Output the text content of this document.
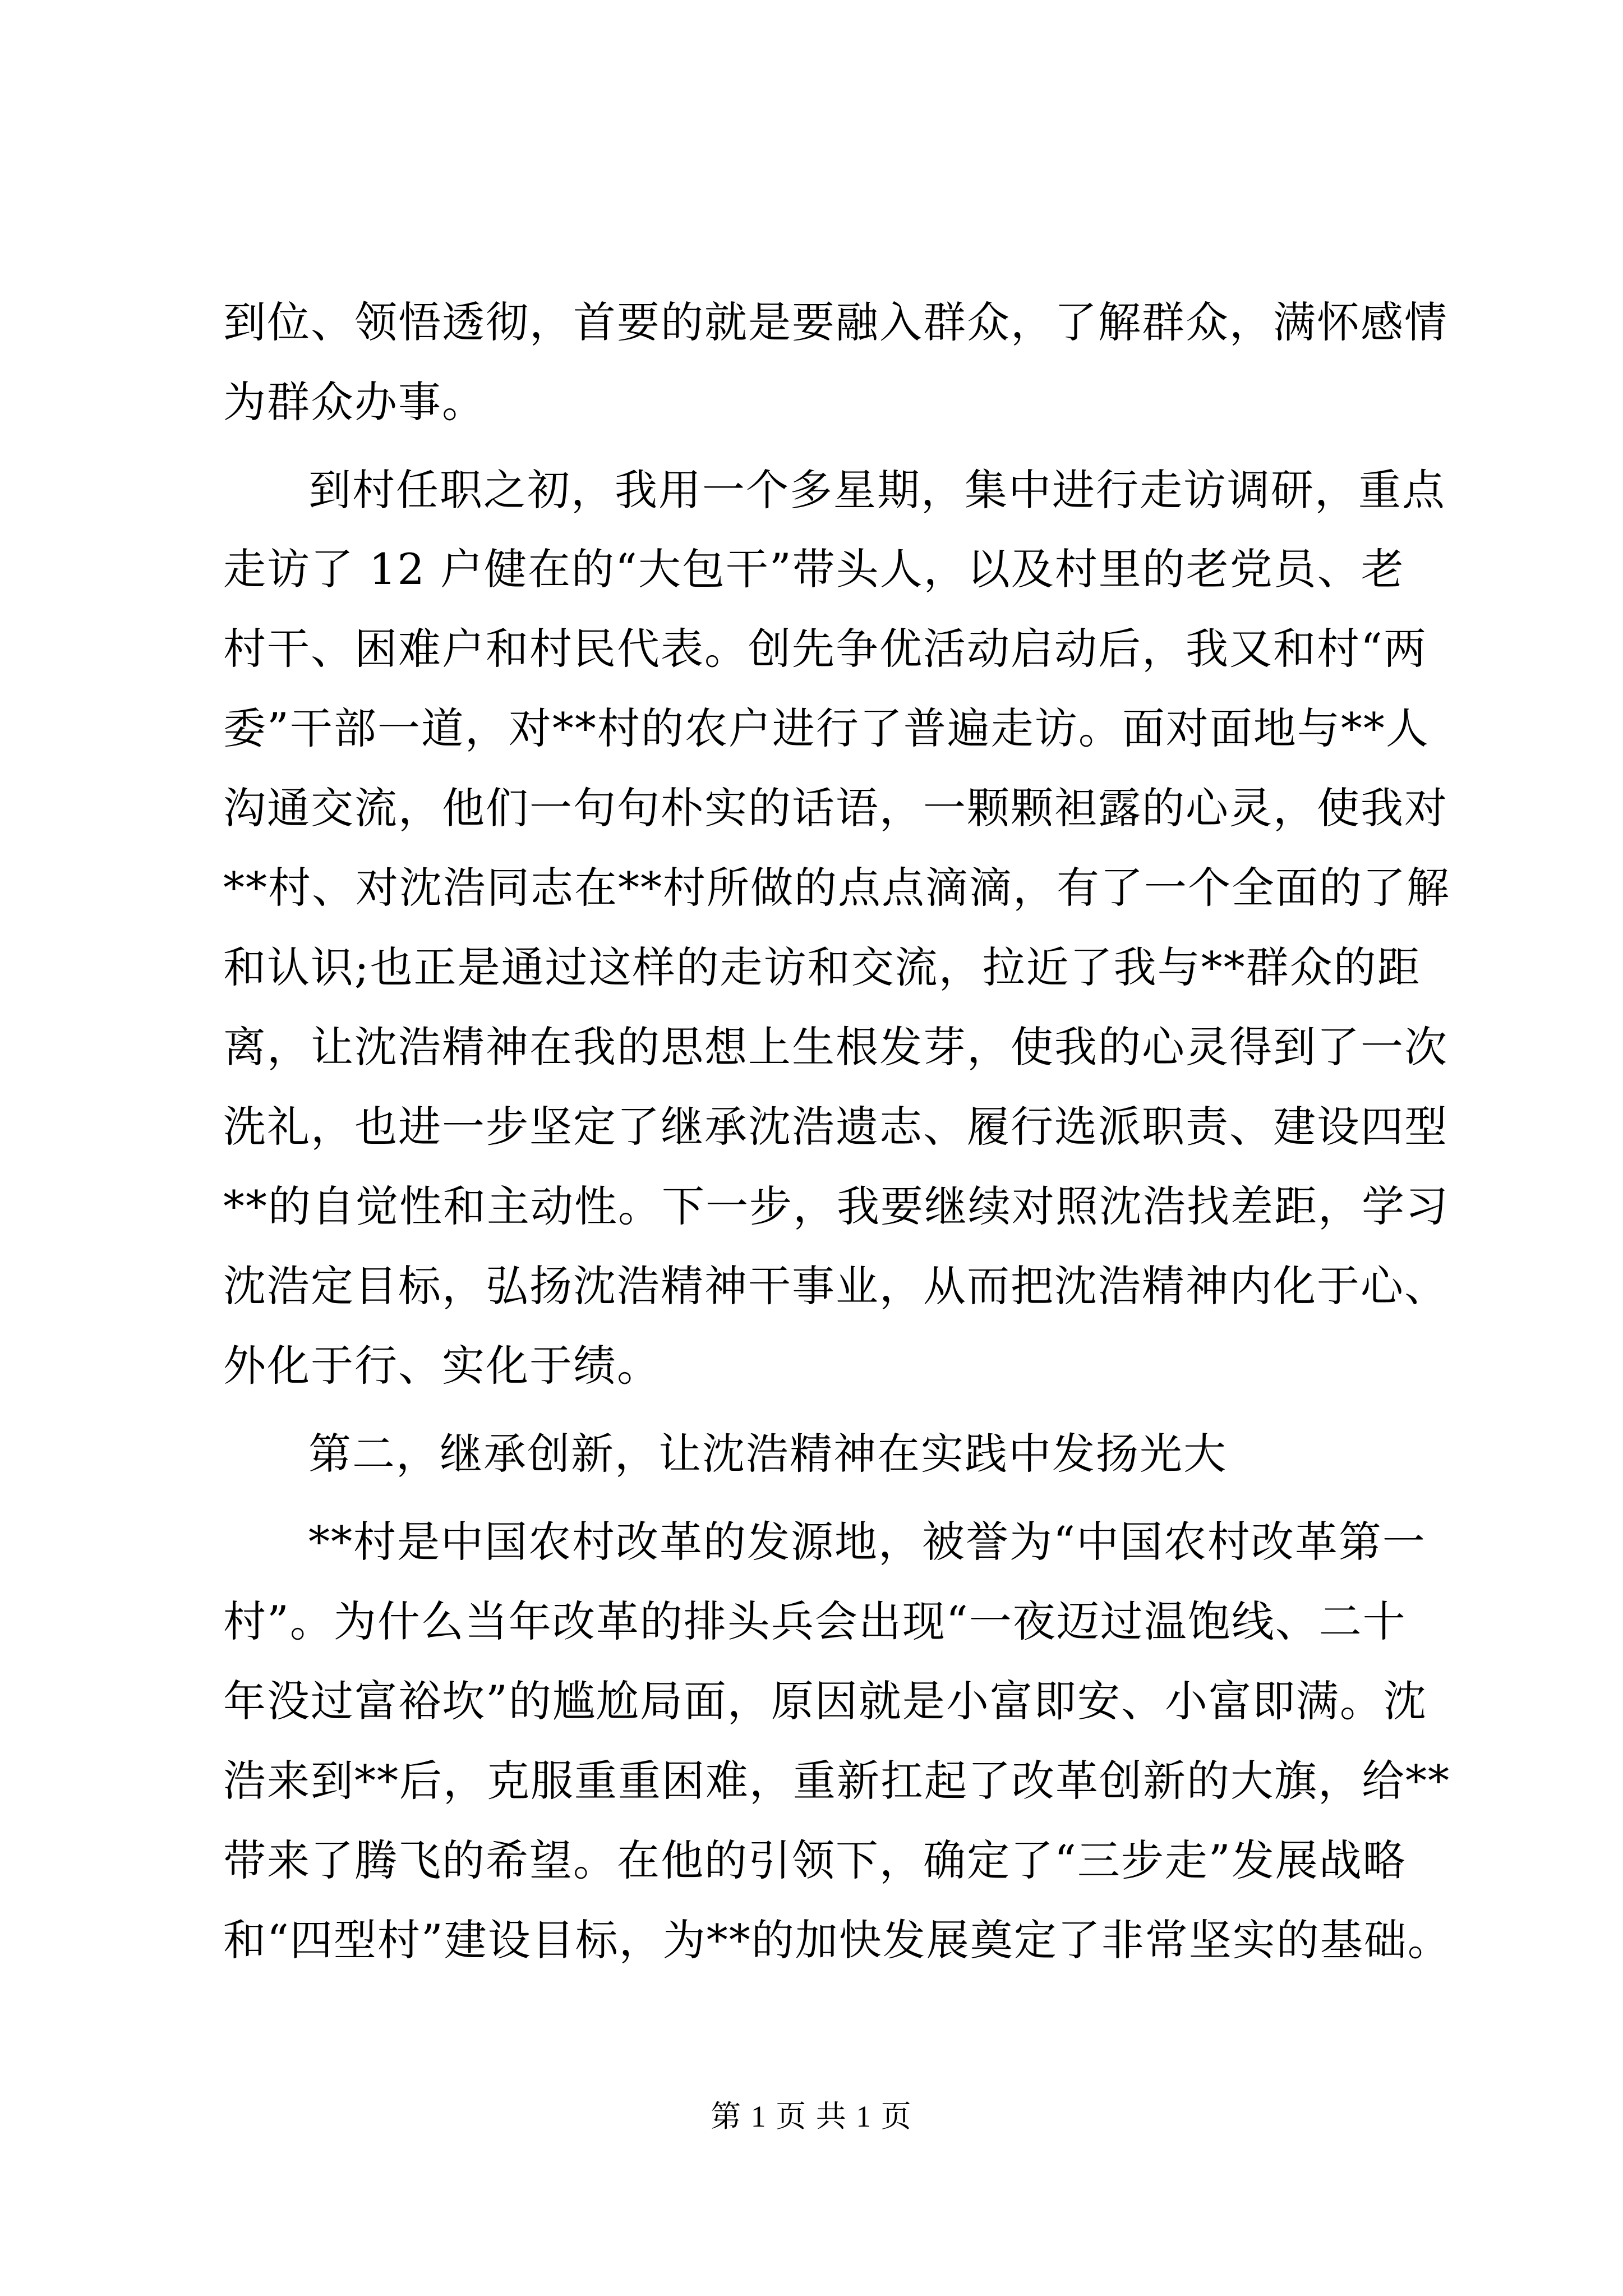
到位、领悟透彻，首要的就是要融入群众，了解群众，满怀感情
为群众办事。
到村任职之初，我用一个多星期，集中进行走访调研，重点
走访了 12 户健在的“大包干”带头人，以及村里的老党员、老
村干、困难户和村民代表。创先争优活动启动后，我又和村“两
委”干部一道，对**村的农户进行了普遍走访。面对面地与**人
沟通交流，他们一句句朴实的话语，一颗颗袒露的心灵，使我对
**村、对沈浩同志在**村所做的点点滴滴，有了一个全面的了解
和认识;也正是通过这样的走访和交流，拉近了我与**群众的距
离，让沈浩精神在我的思想上生根发芽，使我的心灵得到了一次
洗礼，也进一步坚定了继承沈浩遗志、履行选派职责、建设四型
**的自觉性和主动性。下一步，我要继续对照沈浩找差距，学习
沈浩定目标，弘扬沈浩精神干事业，从而把沈浩精神内化于心、
外化于行、实化于绩。
第二，继承创新，让沈浩精神在实践中发扬光大
**村是中国农村改革的发源地，被誉为“中国农村改革第一
村”。为什么当年改革的排头兵会出现“一夜迈过温饱线、二十
年没过富裕坎”的尴尬局面，原因就是小富即安、小富即满。沈
浩来到**后，克服重重困难，重新扛起了改革创新的大旗，给**
带来了腾飞的希望。在他的引领下，确定了“三步走”发展战略
和“四型村”建设目标，为**的加快发展奠定了非常坚实的基础。
第 1 页 共 1 页
